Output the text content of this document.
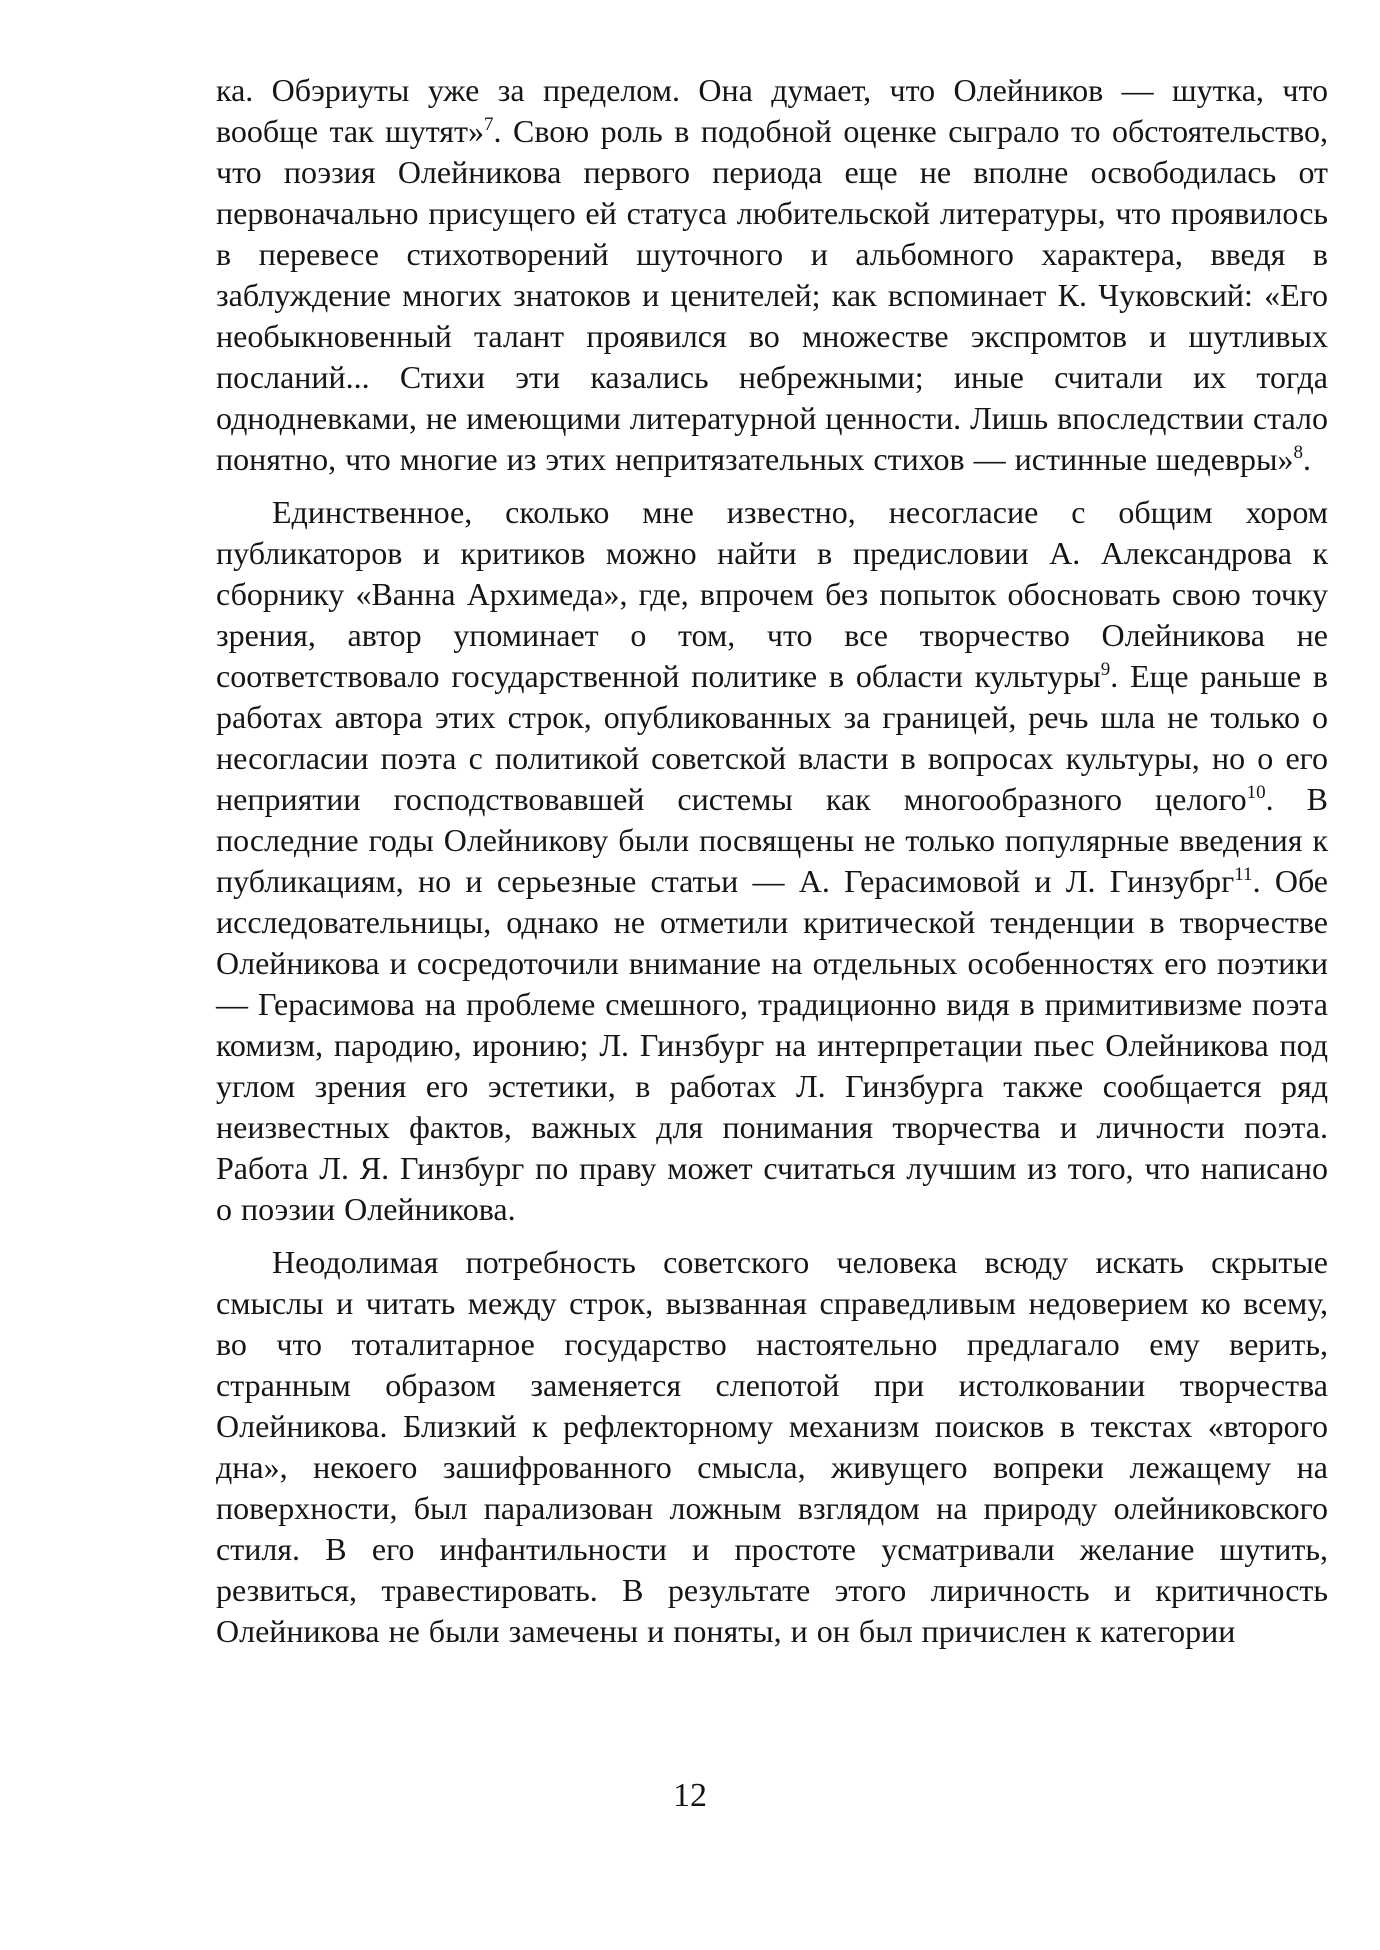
ка. Обэриуты уже за пределом. Она думает, что Олейников — шутка, что вообще так шутят»$^7$. Свою роль в подобной оценке сыграло то обстоятельство, что поэзия Олейникова первого периода еще не вполне освободилась от первоначально присущего ей статуса любительской литературы, что проявилось в перевесе стихотворений шуточного и альбомного характера, введя в заблуждение многих знатоков и ценителей; как вспоминает К. Чуковский: «Его необыкновенный талант проявился во множестве экспромтов и шутливых посланий... Стихи эти казались небрежными; иные считали их тогда однодневками, не имеющими литературной ценности. Лишь впоследствии стало понятно, что многие из этих непритязательных стихов — истинные шедевры»$^8$.

Единственное, сколько мне известно, несогласие с общим хором публикаторов и критиков можно найти в предисловии А. Александрова к сборнику «Ванна Архимеда», где, впрочем без попыток обосновать свою точку зрения, автор упоминает о том, что все творчество Олейникова не соответствовало государственной политике в области культуры$^9$. Еще раньше в работах автора этих строк, опубликованных за границей, речь шла не только о несогласии поэта с политикой советской власти в вопросах культуры, но о его неприятии господствовавшей системы как многообразного целого$^{10}$. В последние годы Олейникову были посвящены не только популярные введения к публикациям, но и серьезные статьи — А. Герасимовой и Л. Гинзубрг$^{11}$. Обе исследовательницы, однако не отметили критической тенденции в творчестве Олейникова и сосредоточили внимание на отдельных особенностях его поэтики — Герасимова на проблеме смешного, традиционно видя в примитивизме поэта комизм, пародию, иронию; Л. Гинзбург на интерпретации пьес Олейникова под углом зрения его эстетики, в работах Л. Гинзбурга также сообщается ряд неизвестных фактов, важных для понимания творчества и личности поэта. Работа Л. Я. Гинзбург по праву может считаться лучшим из того, что написано о поэзии Олейникова.

Неодолимая потребность советского человека всюду искать скрытые смыслы и читать между строк, вызванная справедливым недоверием ко всему, во что тоталитарное государство настоятельно предлагало ему верить, странным образом заменяется слепотой при истолковании творчества Олейникова. Близкий к рефлекторному механизм поисков в текстах «второго дна», некоего зашифрованного смысла, живущего вопреки лежащему на поверхности, был парализован ложным взглядом на природу олейниковского стиля. В его инфантильности и простоте усматривали желание шутить, резвиться, травестировать. В результате этого лиричность и критичность Олейникова не были замечены и поняты, и он был причислен к категории

12
